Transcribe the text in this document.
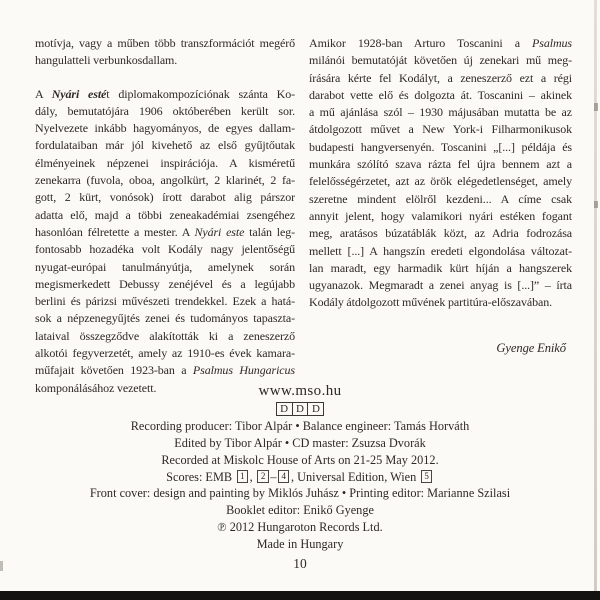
motívja, vagy a műben több transzformációt megérő
hangulatteli verbunkosdallam.
A Nyári estét diplomakompozíciónak szánta Ko-
dály, bemutatójára 1906 októberében került sor.
Nyelvezete inkább hagyományos, de egyes dallam-
fordulataiban már jól kivehető az első gyűjtőutak
élményeinek népzenei inspirációja. A kisméretű
zenekarra (fuvola, oboa, angolkürt, 2 klarinét, 2 fa-
gott, 2 kürt, vonósok) írott darabot alig párszor
adatta elő, majd a többi zeneakadémiai zsengéhez
hasonlóan félretette a mester. A Nyári este talán leg-
fontosabb hozadéka volt Kodály nagy jelentőségű
nyugat-európai tanulmányútja, amelynek során
megismerkedett Debussy zenéjével és a legújabb
berlini és párizsi művészeti trendekkel. Ezek a hatá-
sok a népzenegyűjtés zenei és tudományos tapaszta-
lataival összegződve alakították ki a zeneszerző
alkotói fegyverzetét, amely az 1910-es évek kamara-
műfajait követően 1923-ban a Psalmus Hungaricus
komponálásához vezetett.
Amikor 1928-ban Arturo Toscanini a Psalmus
milánói bemutatóját követően új zenekari mű meg-
írására kérte fel Kodályt, a zeneszerző ezt a régi
darabot vette elő és dolgozta át. Toscanini – akinek
a mű ajánlása szól – 1930 májusában mutatta be az
átdolgozott művet a New York-i Filharmonikusok
budapesti hangversenyén. Toscanini „[...] példája és
munkára szólító szava rázta fel újra bennem azt a
felelősségérzetet, azt az örök elégedetlenséget, amely
szeretne mindent elölről kezdeni... A címe csak
annyit jelent, hogy valamikori nyári estéken fogant
meg, aratásos búzatáblák közt, az Adria fodrozása
mellett [...] A hangszín eredeti elgondolása változat-
lan maradt, egy harmadik kürt híján a hangszerek
ugyanazok. Megmaradt a zenei anyag is [...]” – írta
Kodály átdolgozott művének partitúra-előszavában.
Gyenge Enikő
www.mso.hu
D D D
Recording producer: Tibor Alpár • Balance engineer: Tamás Horváth
Edited by Tibor Alpár • CD master: Zsuzsa Dvorák
Recorded at Miskolc House of Arts on 21-25 May 2012.
Scores: EMB 1 , 2 – 4 , Universal Edition, Wien 5
Front cover: design and painting by Miklós Juhász • Printing editor: Marianne Szilasi
Booklet editor: Enikő Gyenge
℗ 2012 Hungaroton Records Ltd.
Made in Hungary
10
